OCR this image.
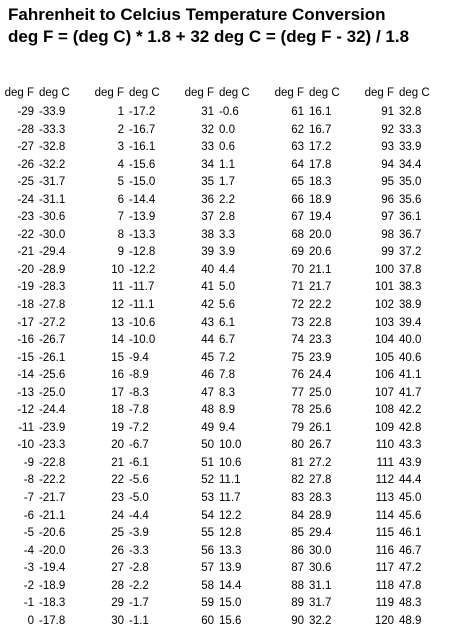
Fahrenheit to Celcius Temperature Conversion
deg F = (deg C) * 1.8 + 32 deg C = (deg F - 32) / 1.8
deg F deg C
-29 -33.9
-28 -33.3
-27 -32.8
-26 -32.2
-25 -31.7
-24 -31.1
-23 -30.6
-22 -30.0
-21 -29.4
-20 -28.9
-19 -28.3
-18 -27.8
-17 -27.2
-16 -26.7
-15 -26.1
-14 -25.6
-13 -25.0
-12 -24.4
-11 -23.9
-10 -23.3
-9 -22.8
-8 -22.2
-7 -21.7
-6 -21.1
-5 -20.6
-4 -20.0
-3 -19.4
-2 -18.9
-1 -18.3
0 -17.8
deg F deg C
1 -17.2
2 -16.7
3 -16.1
4 -15.6
5 -15.0
6 -14.4
7 -13.9
8 -13.3
9 -12.8
10 -12.2
11 -11.7
12 -11.1
13 -10.6
14 -10.0
15 -9.4
16 -8.9
17 -8.3
18 -7.8
19 -7.2
20 -6.7
21 -6.1
22 -5.6
23 -5.0
24 -4.4
25 -3.9
26 -3.3
27 -2.8
28 -2.2
29 -1.7
30 -1.1
deg F deg C
31 -0.6
32 0.0
33 0.6
34 1.1
35 1.7
36 2.2
37 2.8
38 3.3
39 3.9
40 4.4
41 5.0
42 5.6
43 6.1
44 6.7
45 7.2
46 7.8
47 8.3
48 8.9
49 9.4
50 10.0
51 10.6
52 11.1
53 11.7
54 12.2
55 12.8
56 13.3
57 13.9
58 14.4
59 15.0
60 15.6
deg F deg C
61 16.1
62 16.7
63 17.2
64 17.8
65 18.3
66 18.9
67 19.4
68 20.0
69 20.6
70 21.1
71 21.7
72 22.2
73 22.8
74 23.3
75 23.9
76 24.4
77 25.0
78 25.6
79 26.1
80 26.7
81 27.2
82 27.8
83 28.3
84 28.9
85 29.4
86 30.0
87 30.6
88 31.1
89 31.7
90 32.2
deg F deg C
91 32.8
92 33.3
93 33.9
94 34.4
95 35.0
96 35.6
97 36.1
98 36.7
99 37.2
100 37.8
101 38.3
102 38.9
103 39.4
104 40.0
105 40.6
106 41.1
107 41.7
108 42.2
109 42.8
110 43.3
111 43.9
112 44.4
113 45.0
114 45.6
115 46.1
116 46.7
117 47.2
118 47.8
119 48.3
120 48.9
